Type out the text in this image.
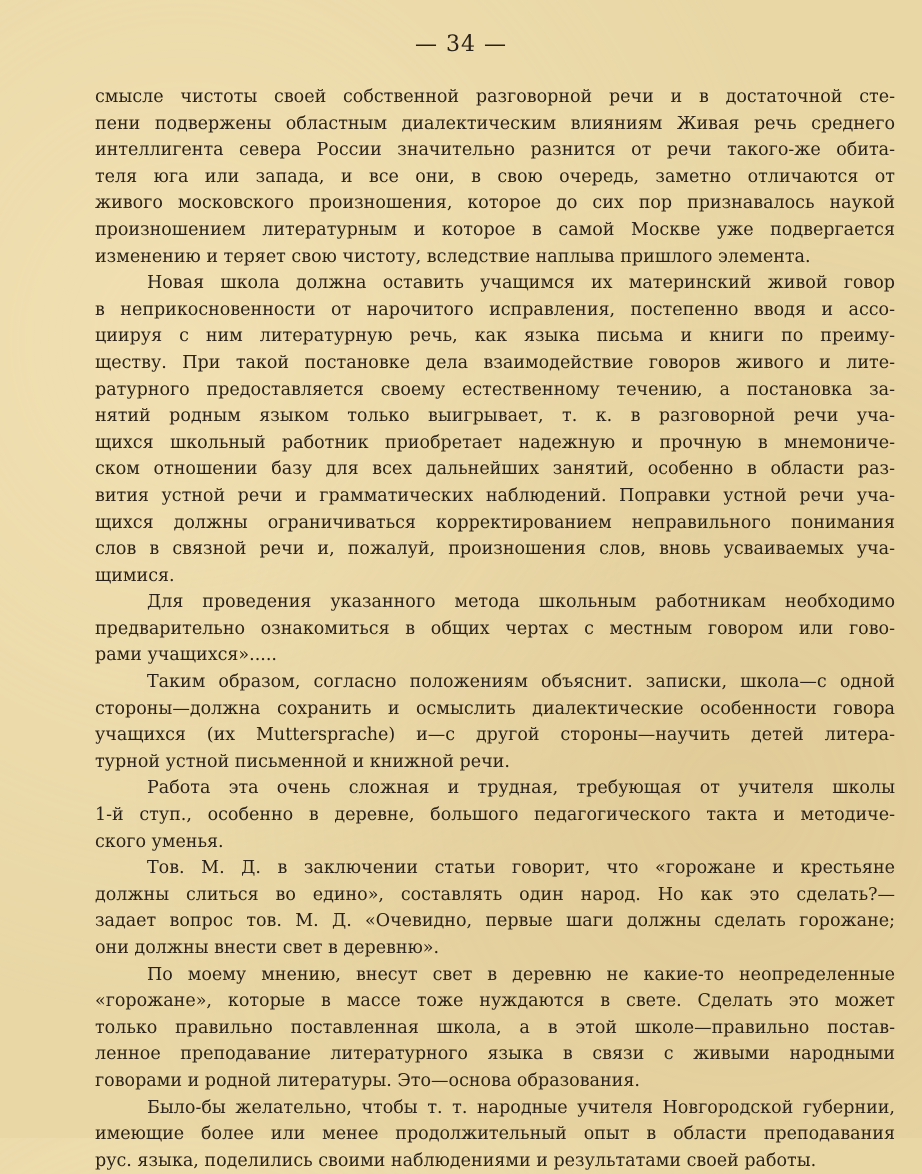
— 34 —
смысле чистоты своей собственной разговорной речи и в достаточной сте-
пени подвержены областным диалектическим влияниям Живая речь среднего
интеллигента севера России значительно разнится от речи такого-же обита-
теля юга или запада, и все они, в свою очередь, заметно отличаются от
живого московского произношения, которое до сих пор признавалось наукой
произношением литературным и которое в самой Москве уже подвергается
изменению и теряет свою чистоту, вследствие наплыва пришлого элемента.
Новая школа должна оставить учащимся их материнский живой говор
в неприкосновенности от нарочитого исправления, постепенно вводя и ассо-
циируя с ним литературную речь, как языка письма и книги по преиму-
ществу. При такой постановке дела взаимодействие говоров живого и лите-
ратурного предоставляется своему естественному течению, а постановка за-
нятий родным языком только выигрывает, т. к. в разговорной речи уча-
щихся школьный работник приобретает надежную и прочную в мнемониче-
ском отношении базу для всех дальнейших занятий, особенно в области раз-
вития устной речи и грамматических наблюдений. Поправки устной речи уча-
щихся должны ограничиваться корректированием неправильного понимания
слов в связной речи и, пожалуй, произношения слов, вновь усваиваемых уча-
щимися.
Для проведения указанного метода школьным работникам необходимо
предварительно ознакомиться в общих чертах с местным говором или гово-
рами учащихся».....
Таким образом, согласно положениям объяснит. записки, школа—с одной
стороны—должна сохранить и осмыслить диалектические особенности говора
учащихся (их Muttersprache) и—с другой стороны—научить детей литера-
турной устной письменной и книжной речи.
Работа эта очень сложная и трудная, требующая от учителя школы
1-й ступ., особенно в деревне, большого педагогического такта и методиче-
ского уменья.
Тов. М. Д. в заключении статьи говорит, что «горожане и крестьяне
должны слиться во едино», составлять один народ. Но как это сделать?—
задает вопрос тов. М. Д. «Очевидно, первые шаги должны сделать горожане;
они должны внести свет в деревню».
По моему мнению, внесут свет в деревню не какие-то неопределенные
«горожане», которые в массе тоже нуждаются в свете. Сделать это может
только правильно поставленная школа, а в этой школе—правильно постав-
ленное преподавание литературного языка в связи с живыми народными
говорами и родной литературы. Это—основа образования.
Было-бы желательно, чтобы т. т. народные учителя Новгородской губернии,
имеющие более или менее продолжительный опыт в области преподавания
рус. языка, поделились своими наблюдениями и результатами своей работы.
